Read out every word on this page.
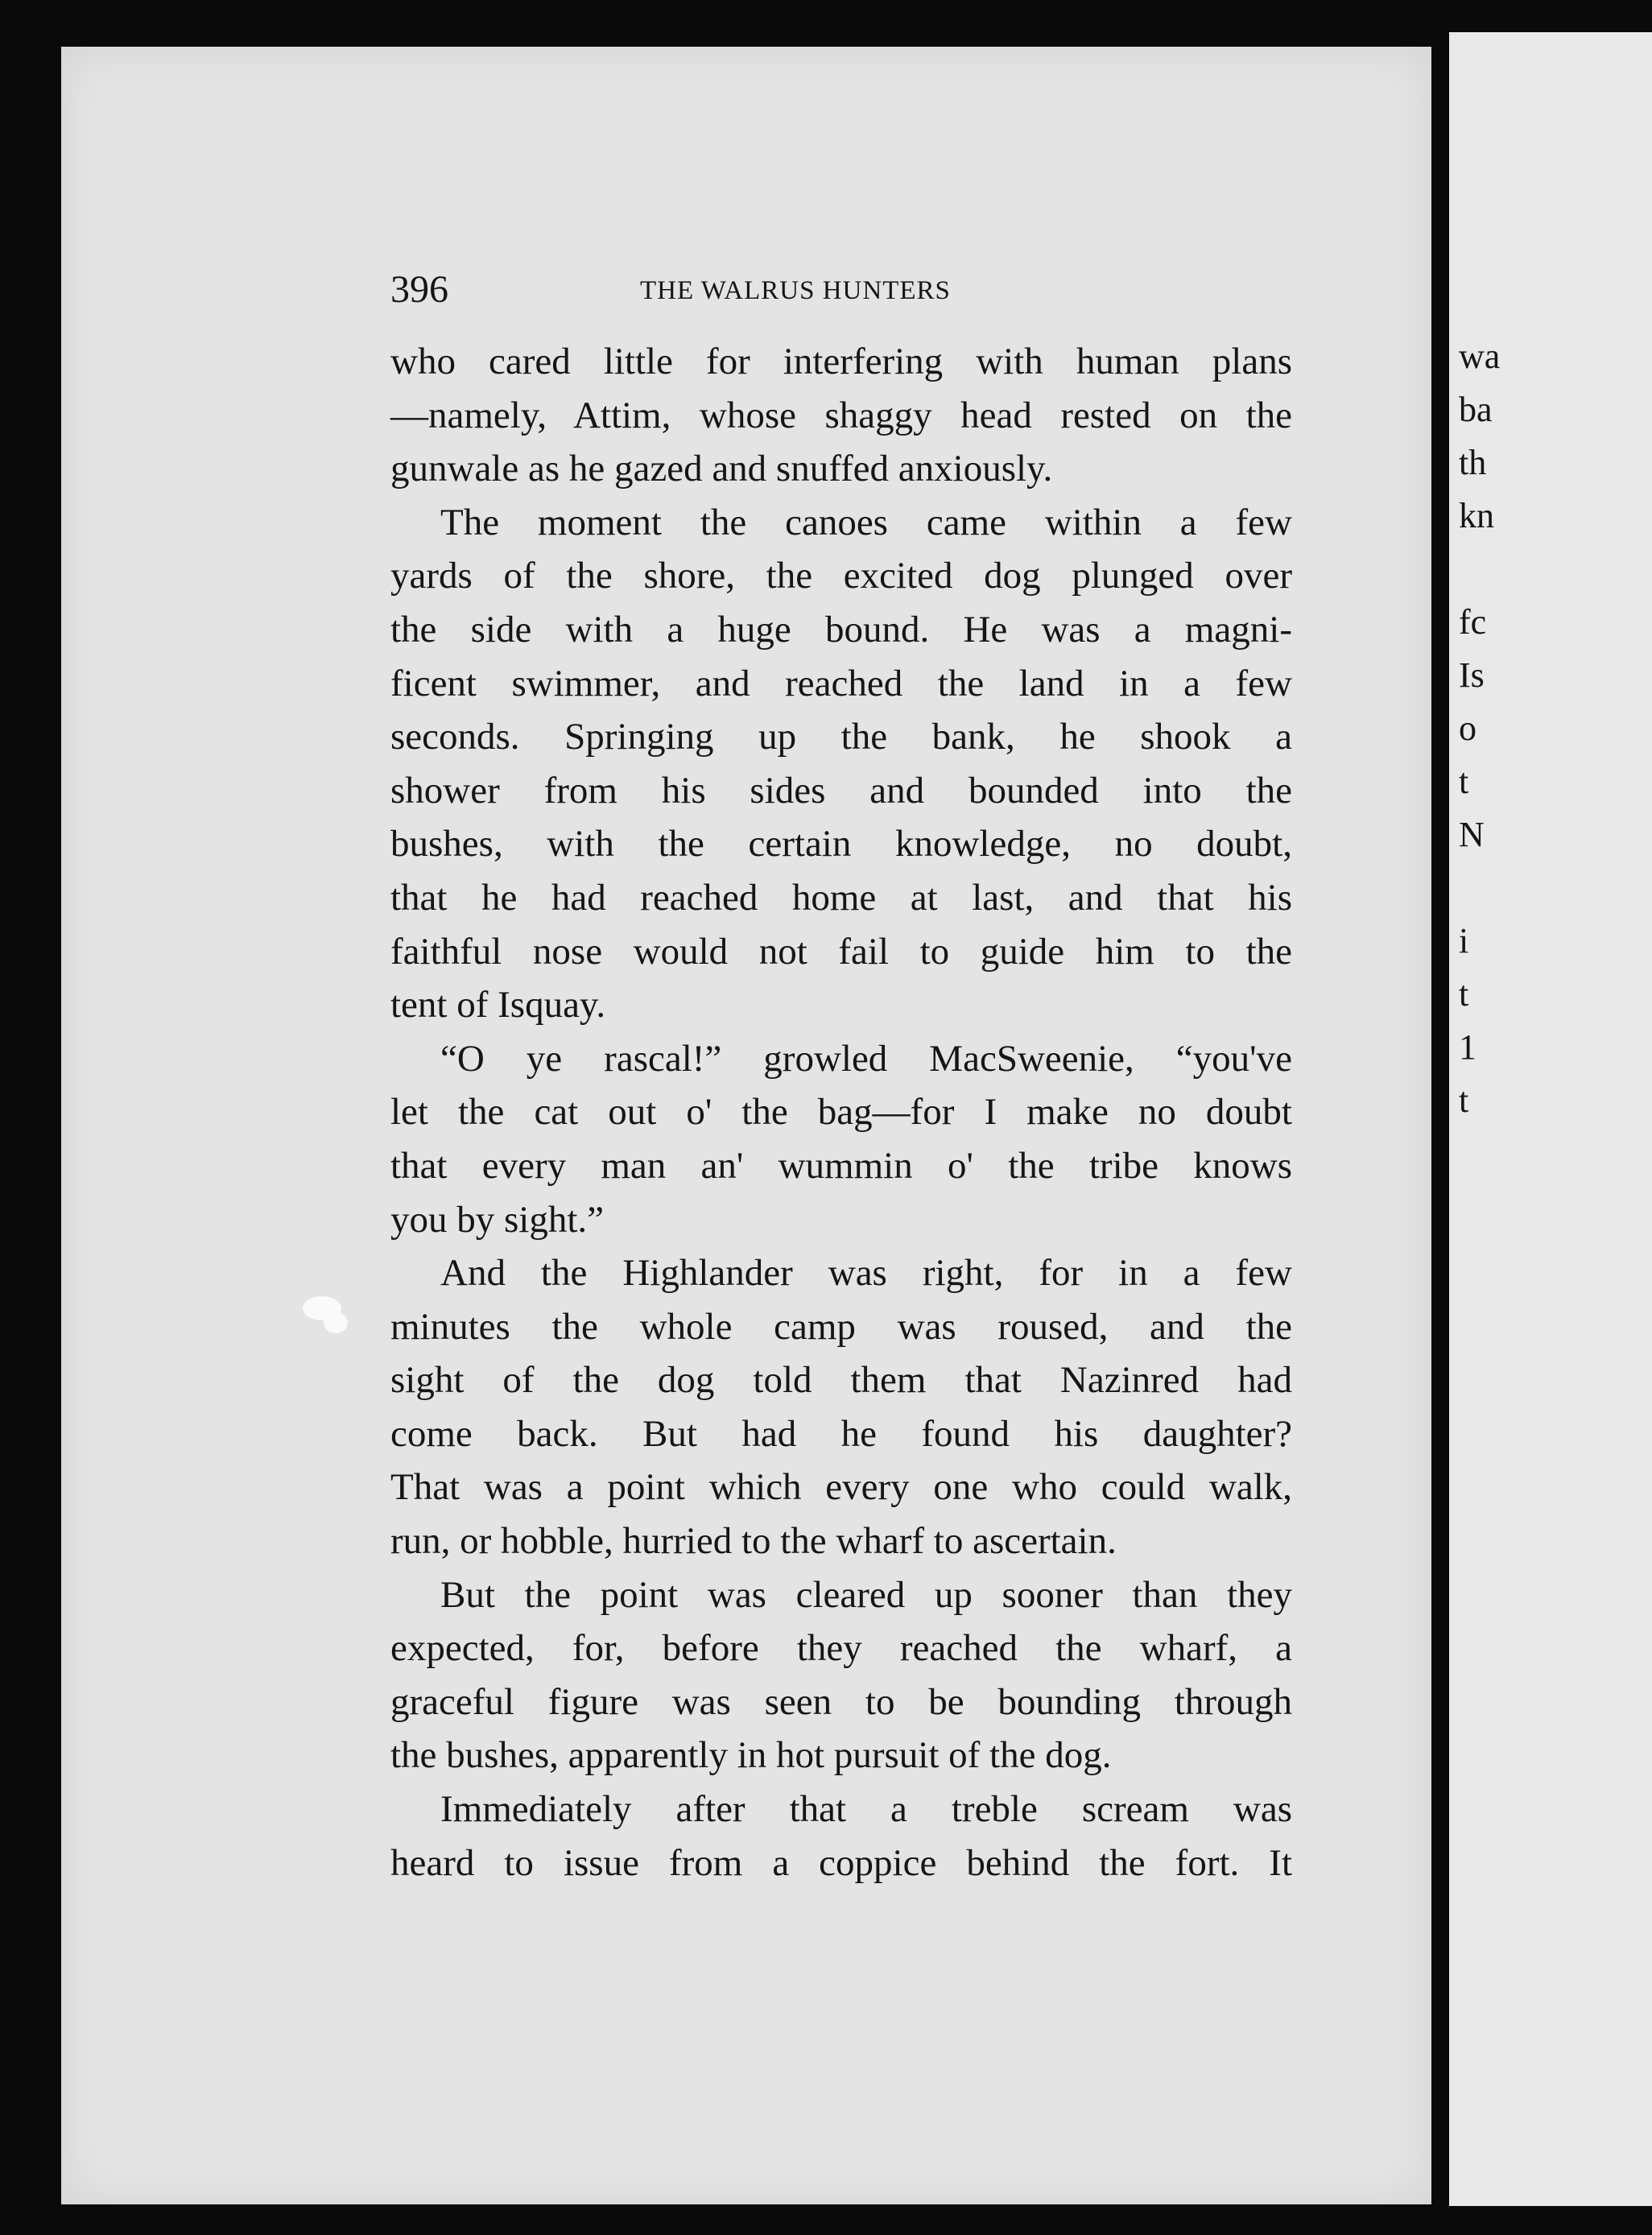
wa
ba
th
kn
fc
Is
o
t
N
i
t
1
t
396	THE WALRUS HUNTERS
who cared little for interfering with human plans
—namely, Attim, whose shaggy head rested on the
gunwale as he gazed and snuffed anxiously.
The moment the canoes came within a few
yards of the shore, the excited dog plunged over
the side with a huge bound. He was a magni-
ficent swimmer, and reached the land in a few
seconds. Springing up the bank, he shook a
shower from his sides and bounded into the
bushes, with the certain knowledge, no doubt,
that he had reached home at last, and that his
faithful nose would not fail to guide him to the
tent of Isquay.
“O ye rascal!” growled MacSweenie, “you've
let the cat out o' the bag—for I make no doubt
that every man an' wummin o' the tribe knows
you by sight.”
And the Highlander was right, for in a few
minutes the whole camp was roused, and the
sight of the dog told them that Nazinred had
come back. But had he found his daughter?
That was a point which every one who could walk,
run, or hobble, hurried to the wharf to ascertain.
But the point was cleared up sooner than they
expected, for, before they reached the wharf, a
graceful figure was seen to be bounding through
the bushes, apparently in hot pursuit of the dog.
Immediately after that a treble scream was
heard to issue from a coppice behind the fort. It
